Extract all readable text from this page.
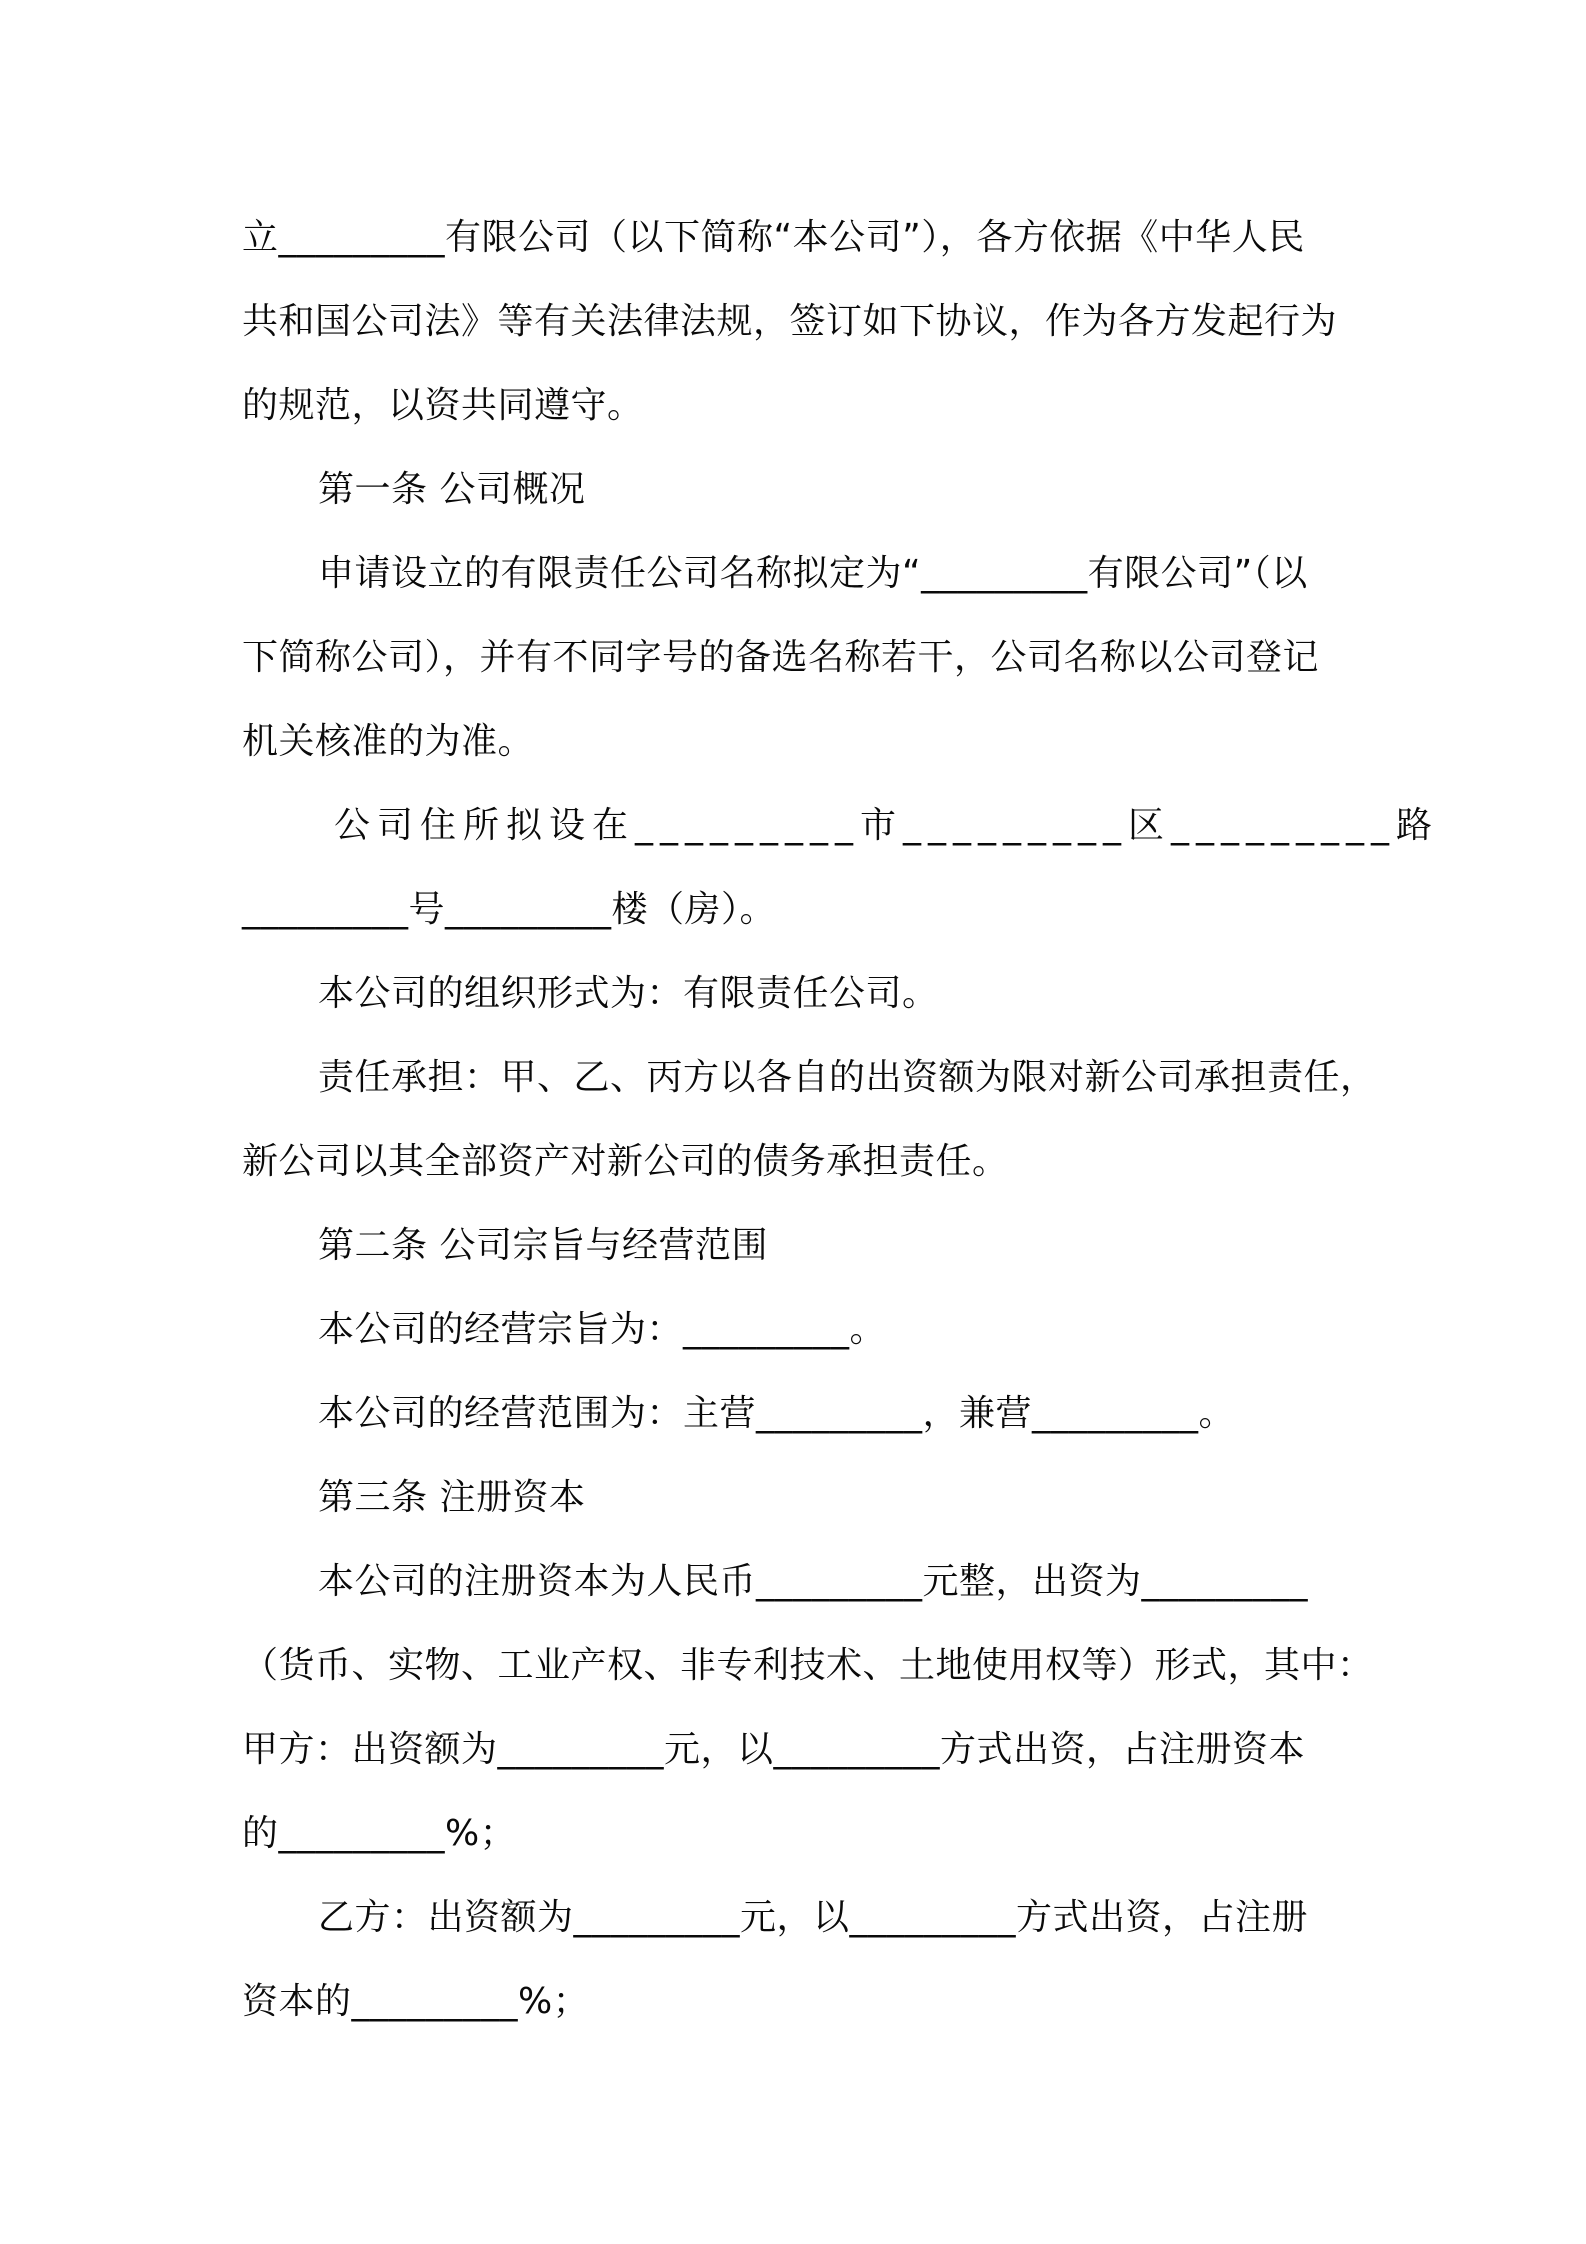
立_________有限公司（以下简称“本公司”），各方依据《中华人民
共和国公司法》等有关法律法规，签订如下协议，作为各方发起行为
的规范，以资共同遵守。
第一条 公司概况
申请设立的有限责任公司名称拟定为“_________有限公司”（以
下简称公司），并有不同字号的备选名称若干，公司名称以公司登记
机关核准的为准。
公司住所拟设在_________市_________区_________路
_________号_________楼（房）。
本公司的组织形式为：有限责任公司。
责任承担：甲、乙、丙方以各自的出资额为限对新公司承担责任，
新公司以其全部资产对新公司的债务承担责任。
第二条 公司宗旨与经营范围
本公司的经营宗旨为：_________。
本公司的经营范围为：主营_________，兼营_________。
第三条 注册资本
本公司的注册资本为人民币_________元整，出资为_________
（货币、实物、工业产权、非专利技术、土地使用权等）形式，其中：
甲方：出资额为_________元，以_________方式出资，占注册资本
的_________%；
乙方：出资额为_________元，以_________方式出资，占注册
资本的_________%；
